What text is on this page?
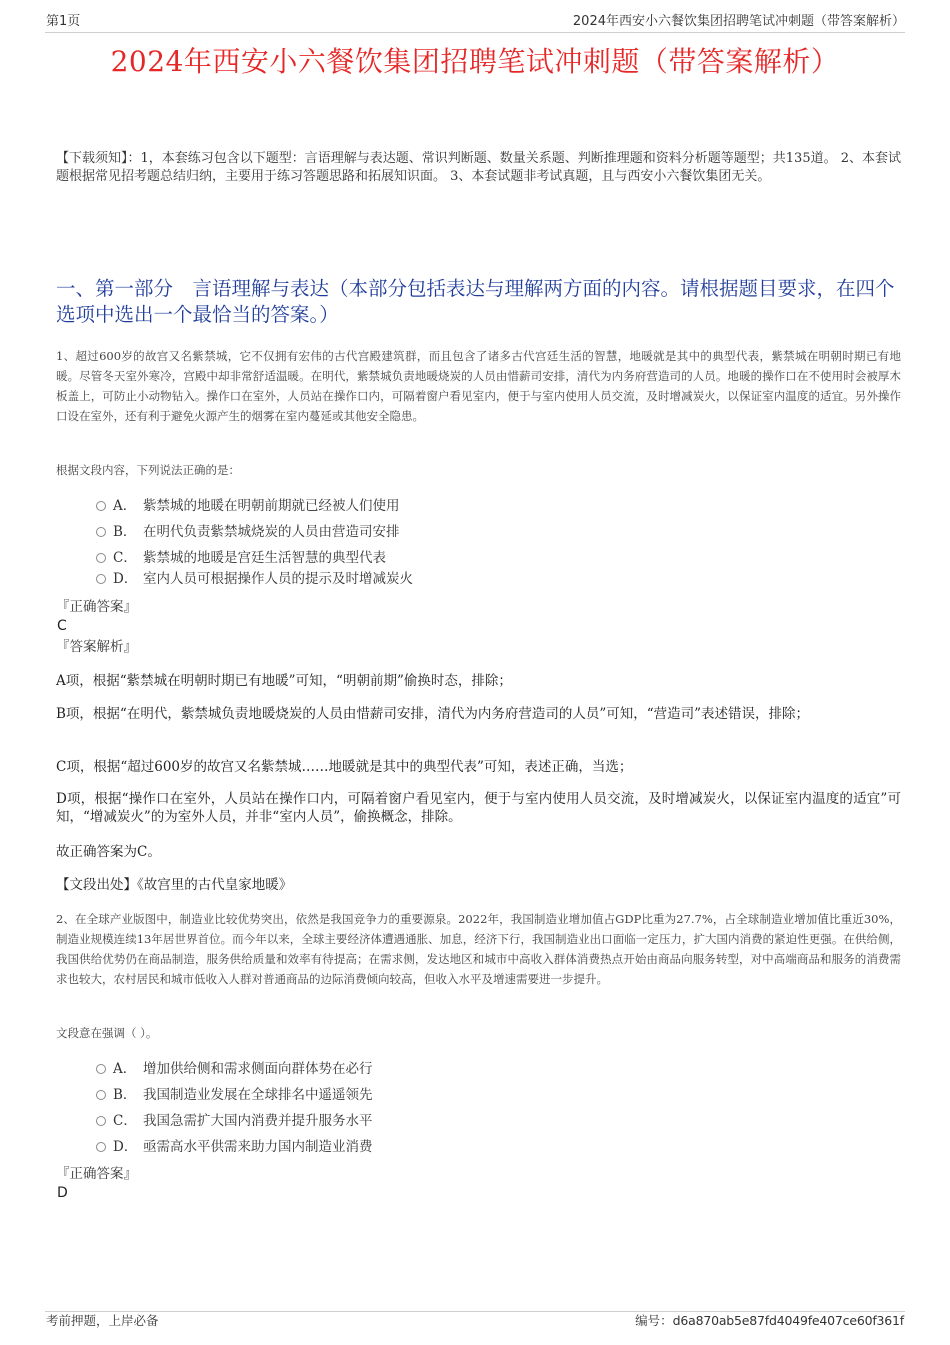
第1页	2024年西安小六餐饮集团招聘笔试冲刺题（带答案解析）
2024年西安小六餐饮集团招聘笔试冲刺题（带答案解析）
【下载须知】：1，本套练习包含以下题型：言语理解与表达题、常识判断题、数量关系题、判断推理题和资料分析题等题型；共135道。 2、本套试题根据常见招考题总结归纳，主要用于练习答题思路和拓展知识面。 3、本套试题非考试真题，且与西安小六餐饮集团无关。
一、第一部分　言语理解与表达（本部分包括表达与理解两方面的内容。请根据题目要求，在四个选项中选出一个最恰当的答案。）
1、超过600岁的故宫又名紫禁城，它不仅拥有宏伟的古代宫殿建筑群，而且包含了诸多古代宫廷生活的智慧，地暖就是其中的典型代表，紫禁城在明朝时期已有地暖。尽管冬天室外寒冷，宫殿中却非常舒适温暖。在明代，紫禁城负责地暖烧炭的人员由惜薪司安排，清代为内务府营造司的人员。地暖的操作口在不使用时会被厚木板盖上，可防止小动物钻入。操作口在室外，人员站在操作口内，可隔着窗户看见室内，便于与室内使用人员交流，及时增减炭火，以保证室内温度的适宜。另外操作口设在室外，还有利于避免火源产生的烟雾在室内蔓延或其他安全隐患。
根据文段内容，下列说法正确的是：
A． 紫禁城的地暖在明朝前期就已经被人们使用
B． 在明代负责紫禁城烧炭的人员由营造司安排
C． 紫禁城的地暖是宫廷生活智慧的典型代表
D． 室内人员可根据操作人员的提示及时增减炭火
『正确答案』
C
『答案解析』
A项，根据“紫禁城在明朝时期已有地暖”可知，“明朝前期”偷换时态，排除；
B项，根据“在明代，紫禁城负责地暖烧炭的人员由惜薪司安排，清代为内务府营造司的人员”可知，“营造司”表述错误，排除；
C项，根据“超过600岁的故宫又名紫禁城……地暖就是其中的典型代表”可知，表述正确，当选；
D项，根据“操作口在室外，人员站在操作口内，可隔着窗户看见室内，便于与室内使用人员交流，及时增减炭火，以保证室内温度的适宜”可知，“增减炭火”的为室外人员，并非“室内人员”，偷换概念，排除。
故正确答案为C。
【文段出处】《故宫里的古代皇家地暖》
2、在全球产业版图中，制造业比较优势突出，依然是我国竞争力的重要源泉。2022年，我国制造业增加值占GDP比重为27.7%，占全球制造业增加值比重近30%，制造业规模连续13年居世界首位。而今年以来，全球主要经济体遭遇通胀、加息，经济下行，我国制造业出口面临一定压力，扩大国内消费的紧迫性更强。在供给侧，我国供给优势仍在商品制造，服务供给质量和效率有待提高；在需求侧，发达地区和城市中高收入群体消费热点开始由商品向服务转型，对中高端商品和服务的消费需求也较大，农村居民和城市低收入人群对普通商品的边际消费倾向较高，但收入水平及增速需要进一步提升。
文段意在强调（ ）。
A． 增加供给侧和需求侧面向群体势在必行
B． 我国制造业发展在全球排名中遥遥领先
C． 我国急需扩大国内消费并提升服务水平
D． 亟需高水平供需来助力国内制造业消费
『正确答案』
D
考前押题，上岸必备	编号：d6a870ab5e87fd4049fe407ce60f361f
